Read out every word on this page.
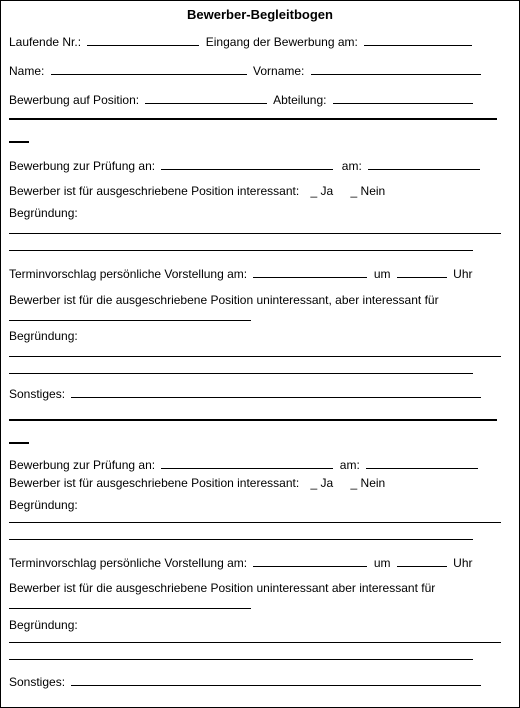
Bewerber-Begleitbogen
Laufende Nr.:	Eingang der Bewerbung am:
Name:	Vorname:
Bewerbung auf Position:	Abteilung:
Bewerbung zur Prüfung an:	am:
Bewerber ist für ausgeschriebene Position interessant: _ Ja _ Nein
Begründung:
Terminvorschlag persönliche Vorstellung am:	um	Uhr
Bewerber ist für die ausgeschriebene Position uninteressant, aber interessant für
Begründung:
Sonstiges:
Bewerbung zur Prüfung an:	am:
Bewerber ist für ausgeschriebene Position interessant: _ Ja _ Nein
Begründung:
Terminvorschlag persönliche Vorstellung am:	um	Uhr
Bewerber ist für die ausgeschriebene Position uninteressant aber interessant für
Begründung:
Sonstiges:
